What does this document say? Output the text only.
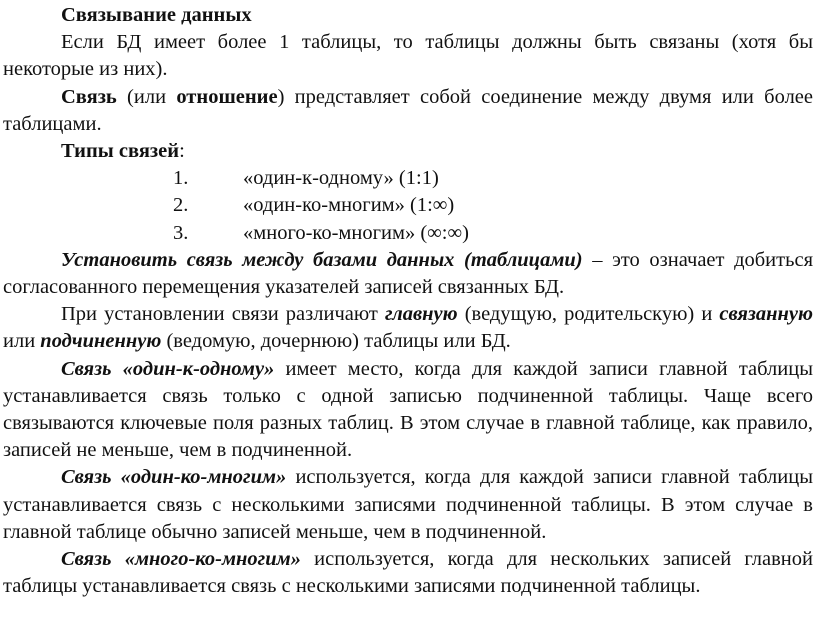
Связывание данных

Если БД имеет более 1 таблицы, то таблицы должны быть связаны (хотя бы некоторые из них).

Связь (или отношение) представляет собой соединение между двумя или более таблицами.

Типы связей:

1.	«один-к-одному» (1:1)
2.	«один-ко-многим» (1:∞)
3.	«много-ко-многим» (∞:∞)

Установить связь между базами данных (таблицами) – это означает добиться согласованного перемещения указателей записей связанных БД.

При установлении связи различают главную (ведущую, родительскую) и связанную или подчиненную (ведомую, дочернюю) таблицы или БД.

Связь «один-к-одному» имеет место, когда для каждой записи главной таблицы устанавливается связь только с одной записью подчиненной таблицы. Чаще всего связываются ключевые поля разных таблиц. В этом случае в главной таблице, как правило, записей не меньше, чем в подчиненной.

Связь «один-ко-многим» используется, когда для каждой записи главной таблицы устанавливается связь с несколькими записями подчиненной таблицы. В этом случае в главной таблице обычно записей меньше, чем в подчиненной.

Связь «много-ко-многим» используется, когда для нескольких записей главной таблицы устанавливается связь с несколькими записями подчиненной таблицы.
